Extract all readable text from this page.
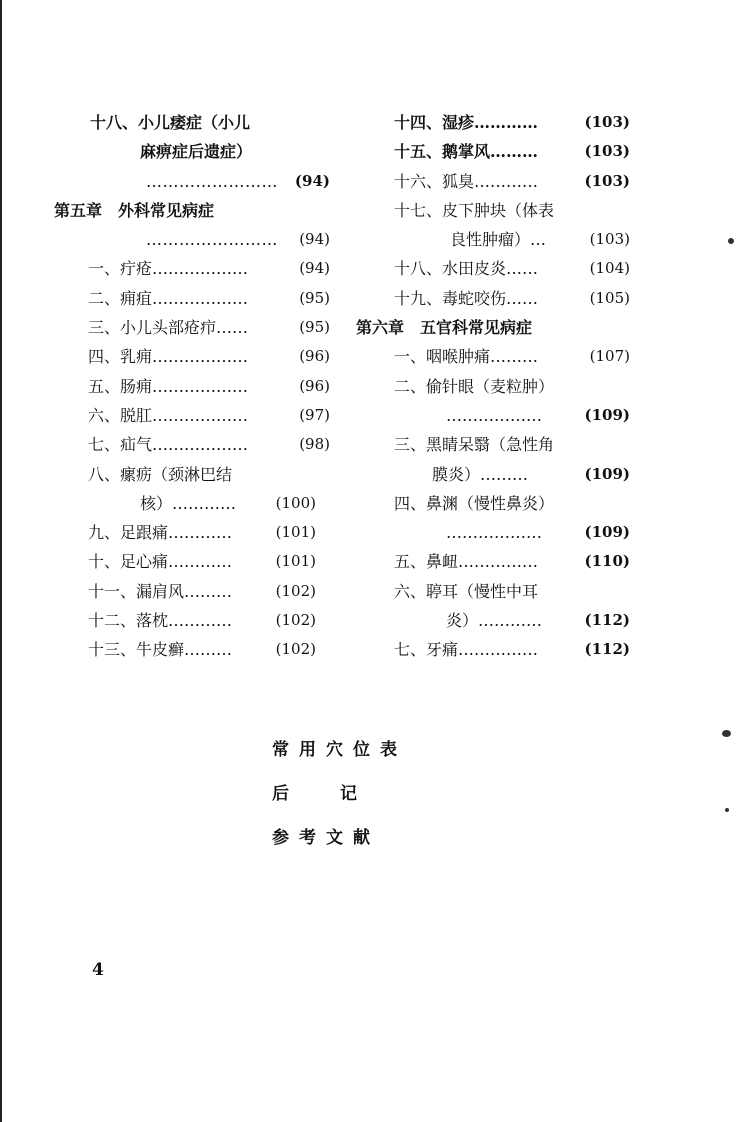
十八、小儿痿症（小儿
麻痹症后遗症）
…………………… (94)
第五章　外科常见病症
…………………… (94)
一、疔疮………………	(94)
二、痈疽………………	(95)
三、小儿头部疮疖……	(95)
四、乳痈………………	(96)
五、肠痈………………	(96)
六、脱肛………………	(97)
七、疝气………………	(98)
八、瘰疬（颈淋巴结
核）…………	(100)
九、足跟痛…………	(101)
十、足心痛…………	(101)
十一、漏肩风………	(102)
十二、落枕…………	(102)
十三、牛皮癣………	(102)
十四、湿疹…………	(103)
十五、鹅掌风………	(103)
十六、狐臭…………	(103)
十七、皮下肿块（体表
良性肿瘤）…	(103)
十八、水田皮炎……	(104)
十九、毒蛇咬伤……	(105)
第六章　五官科常见病症
一、咽喉肿痛………	(107)
二、偷针眼（麦粒肿）
………………	(109)
三、黑睛呆翳（急性角
膜炎）………	(109)
四、鼻渊（慢性鼻炎）
………………	(109)
五、鼻衄……………	(110)
六、聤耳（慢性中耳
炎）…………	(112)
七、牙痛……………	(112)
常用穴位表
后　　　记
参考文献
4
